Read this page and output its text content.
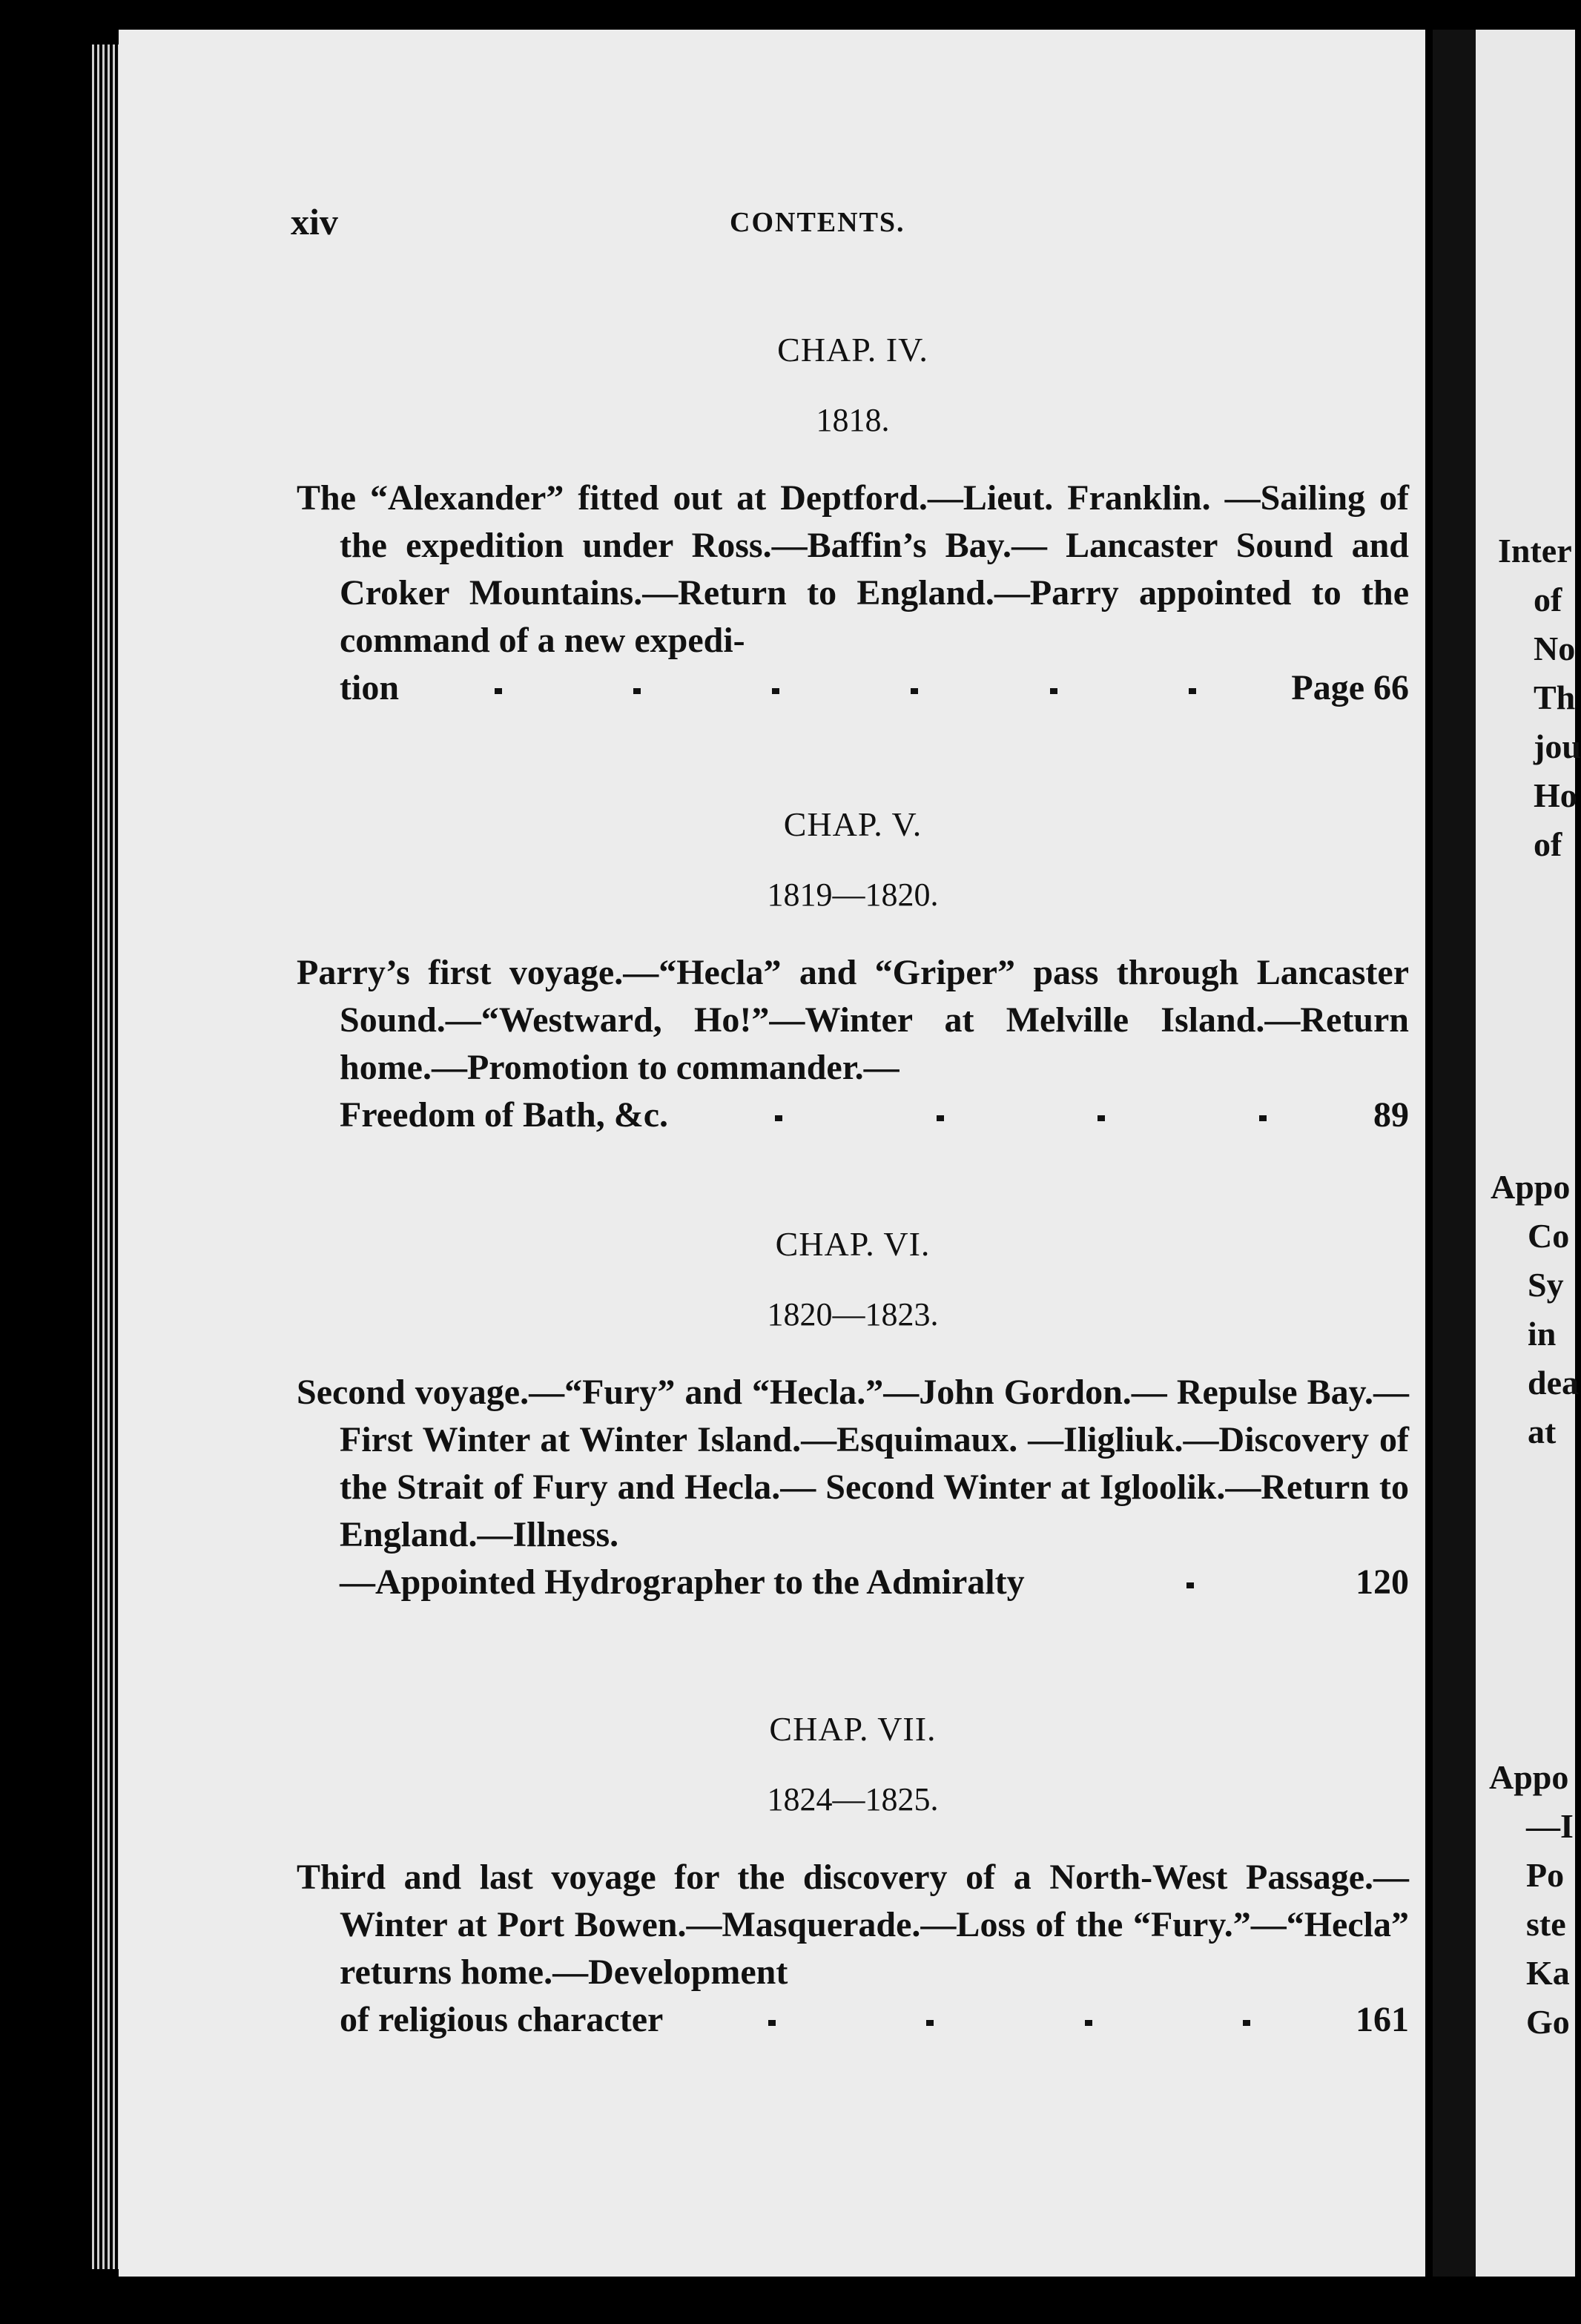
Inter
of
No
Th
jou
Ho
of
Appo
Co
Sy
in
dea
at
Appo
—I
Po
ste
Ka
Go
xiv	CONTENTS.
CHAP. IV.
1818.
The “Alexander” fitted out at Deptford.—Lieut. Franklin. —Sailing of the expedition under Ross.—Baffin’s Bay.— Lancaster Sound and Croker Mountains.—Return to England.—Parry appointed to the command of a new expedi-
tion	Page 66
CHAP. V.
1819—1820.
Parry’s first voyage.—“Hecla” and “Griper” pass through Lancaster Sound.—“Westward, Ho!”—Winter at Melville Island.—Return home.—Promotion to commander.—
Freedom of Bath, &c.	89
CHAP. VI.
1820—1823.
Second voyage.—“Fury” and “Hecla.”—John Gordon.— Repulse Bay.—First Winter at Winter Island.—Esquimaux. —Iligliuk.—Discovery of the Strait of Fury and Hecla.— Second Winter at Igloolik.—Return to England.—Illness.
—Appointed Hydrographer to the Admiralty	120
CHAP. VII.
1824—1825.
Third and last voyage for the discovery of a North-West Passage.—Winter at Port Bowen.—Masquerade.—Loss of the “Fury.”—“Hecla” returns home.—Development
of religious character	161
